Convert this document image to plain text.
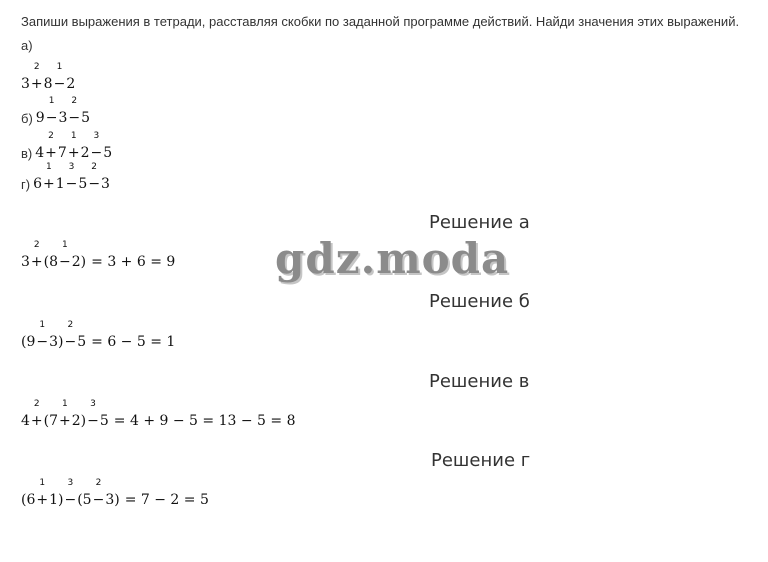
Запиши выражения в тетради, расставляя скобки по заданной программе действий. Найди значения этих выражений.
а)
3 +
2
8 −
1
2
б) 9 −
1
3 −
2
5
в) 4 +
2
7 +
1
2 −
3
5
г) 6 +
1
1 −
3
5 −
2
3
Решение а
3 +
2
(8 −
1
2) = 3 + 6 = 9
Решение б
(9 −
1
3) −
2
5 = 6 − 5 = 1
Решение в
4 +
2
(7 +
1
2) −
3
5 = 4 + 9 − 5 = 13 − 5 = 8
Решение г
(6 +
1
1) −
3
(5 −
2
3) = 7 − 2 = 5
gdz.moda
